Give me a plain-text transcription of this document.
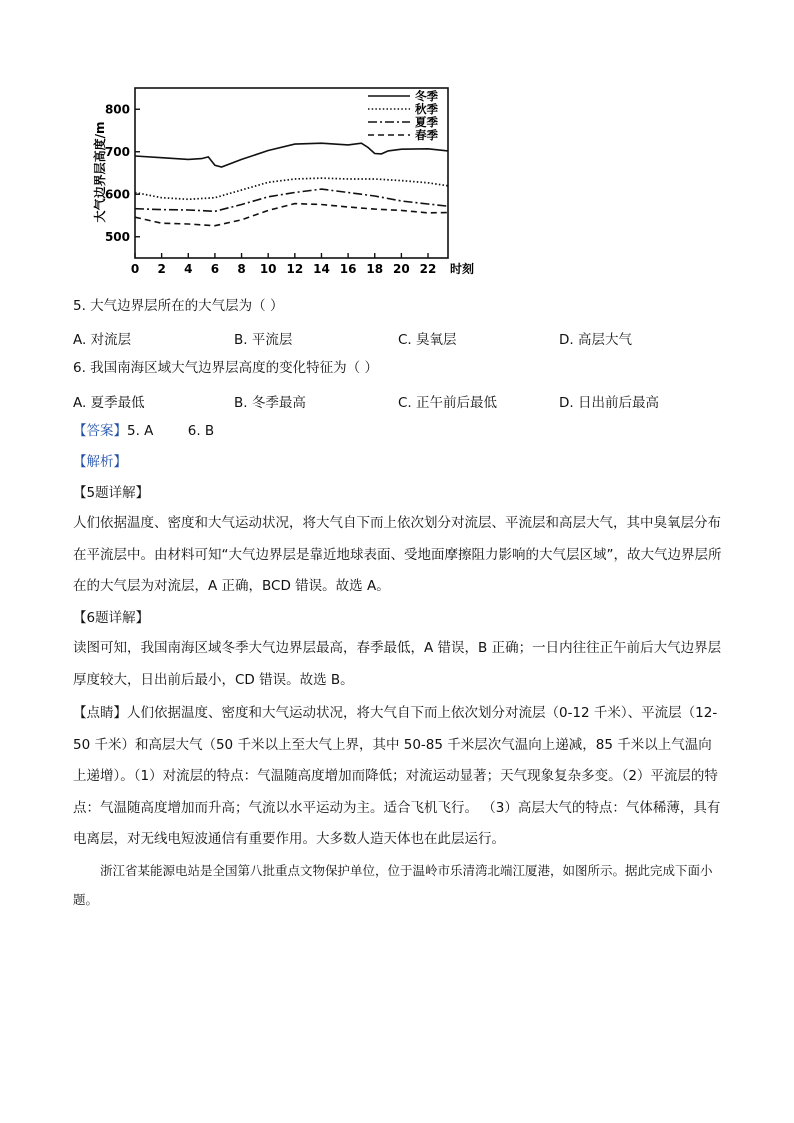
500
600
700
800
0 2 4 6 8 10 12 14 16 18 20 22
冬季
秋季
夏季
春季
大气边界层高度/m
时刻
5. 大气边界层所在的大气层为（ ）
A. 对流层	B. 平流层	C. 臭氧层	D. 高层大气
6. 我国南海区域大气边界层高度的变化特征为（ ）
A. 夏季最低	B. 冬季最高	C. 正午前后最低	D. 日出前后最高
【答案】5. A        6. B
【解析】
【5题详解】
人们依据温度、密度和大气运动状况，将大气自下而上依次划分对流层、平流层和高层大气，其中臭氧层分布在平流层中。由材料可知“大气边界层是靠近地球表面、受地面摩擦阻力影响的大气层区域”，故大气边界层所在的大气层为对流层，A 正确，BCD 错误。故选 A。
【6题详解】
读图可知，我国南海区域冬季大气边界层最高，春季最低，A 错误，B 正确；一日内往往正午前后大气边界层厚度较大，日出前后最小，CD 错误。故选 B。
【点睛】人们依据温度、密度和大气运动状况，将大气自下而上依次划分对流层（0-12 千米）、平流层（12-50 千米）和高层大气（50 千米以上至大气上界，其中 50-85 千米层次气温向上递减，85 千米以上气温向上递增）。（1）对流层的特点：气温随高度增加而降低；对流运动显著；天气现象复杂多变。（2）平流层的特点：气温随高度增加而升高；气流以水平运动为主。适合飞机飞行。 （3）高层大气的特点：气体稀薄，具有电离层，对无线电短波通信有重要作用。大多数人造天体也在此层运行。
浙江省某能源电站是全国第八批重点文物保护单位，位于温岭市乐清湾北端江厦港，如图所示。据此完成下面小题。
